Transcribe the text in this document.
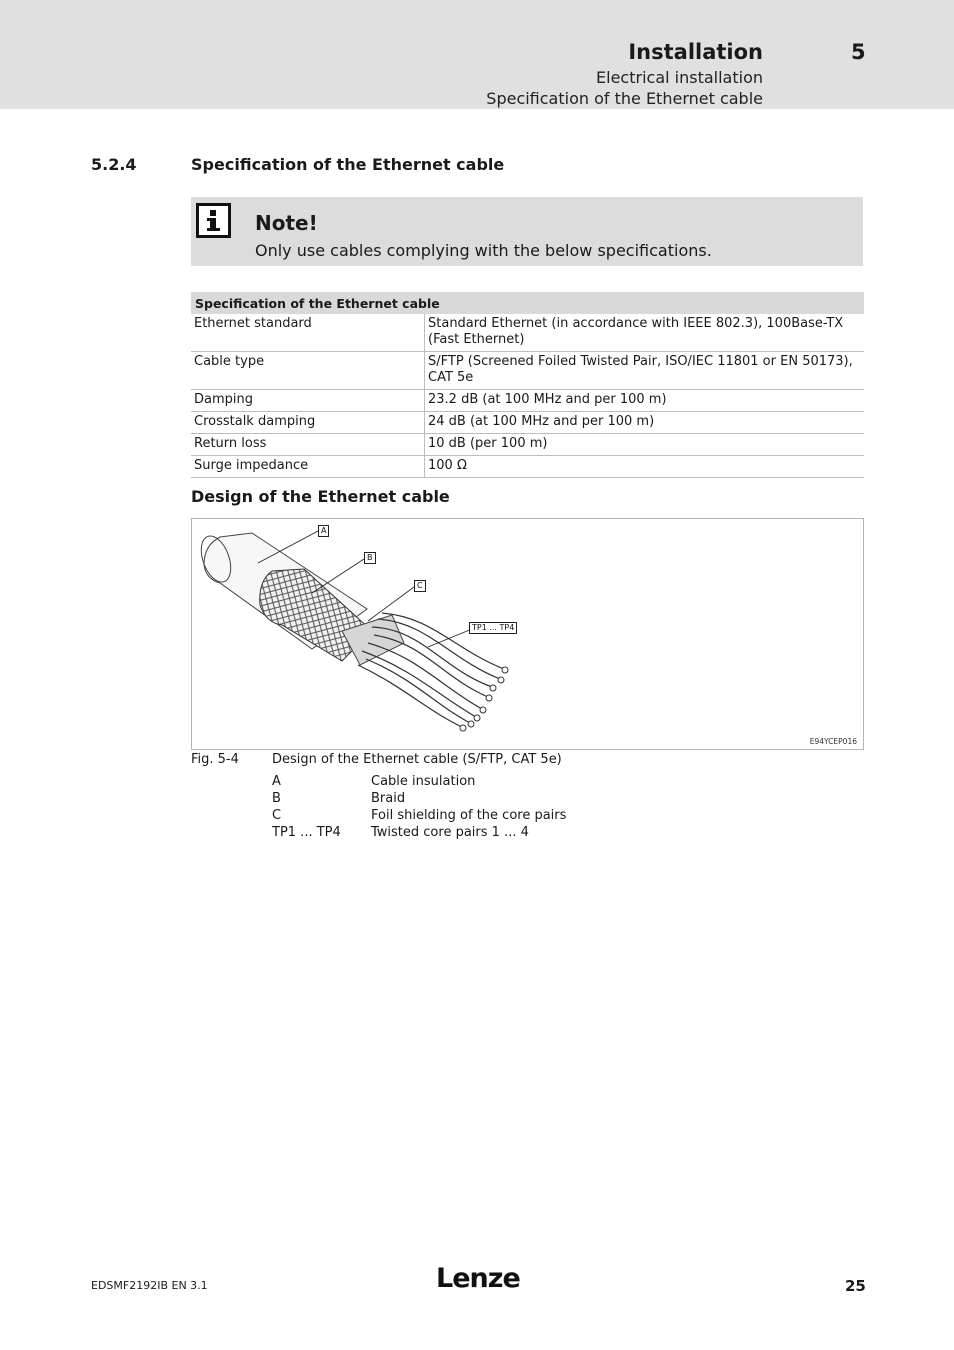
Installation	5
Electrical installation
Specification of the Ethernet cable
5.2.4	Specification of the Ethernet cable
Note!
Only use cables complying with the below specifications.
Specification of the Ethernet cable	
Ethernet standard	Standard Ethernet (in accordance with IEEE 802.3), 100Base-TX (Fast Ethernet)
Cable type	S/FTP (Screened Foiled Twisted Pair, ISO/IEC 11801 or EN 50173), CAT 5e
Damping	23.2 dB (at 100 MHz and per 100 m)
Crosstalk damping	24 dB (at 100 MHz and per 100 m)
Return loss	10 dB (per 100 m)
Surge impedance	100 Ω
Design of the Ethernet cable
A
B
C
TP1 ... TP4
E94YCEP016
Fig. 5-4	Design of the Ethernet cable (S/FTP, CAT 5e)
A	Cable insulation
B	Braid
C	Foil shielding of the core pairs
TP1 ... TP4	Twisted core pairs 1 ... 4
EDSMF2192IB EN 3.1	Lenze	25
